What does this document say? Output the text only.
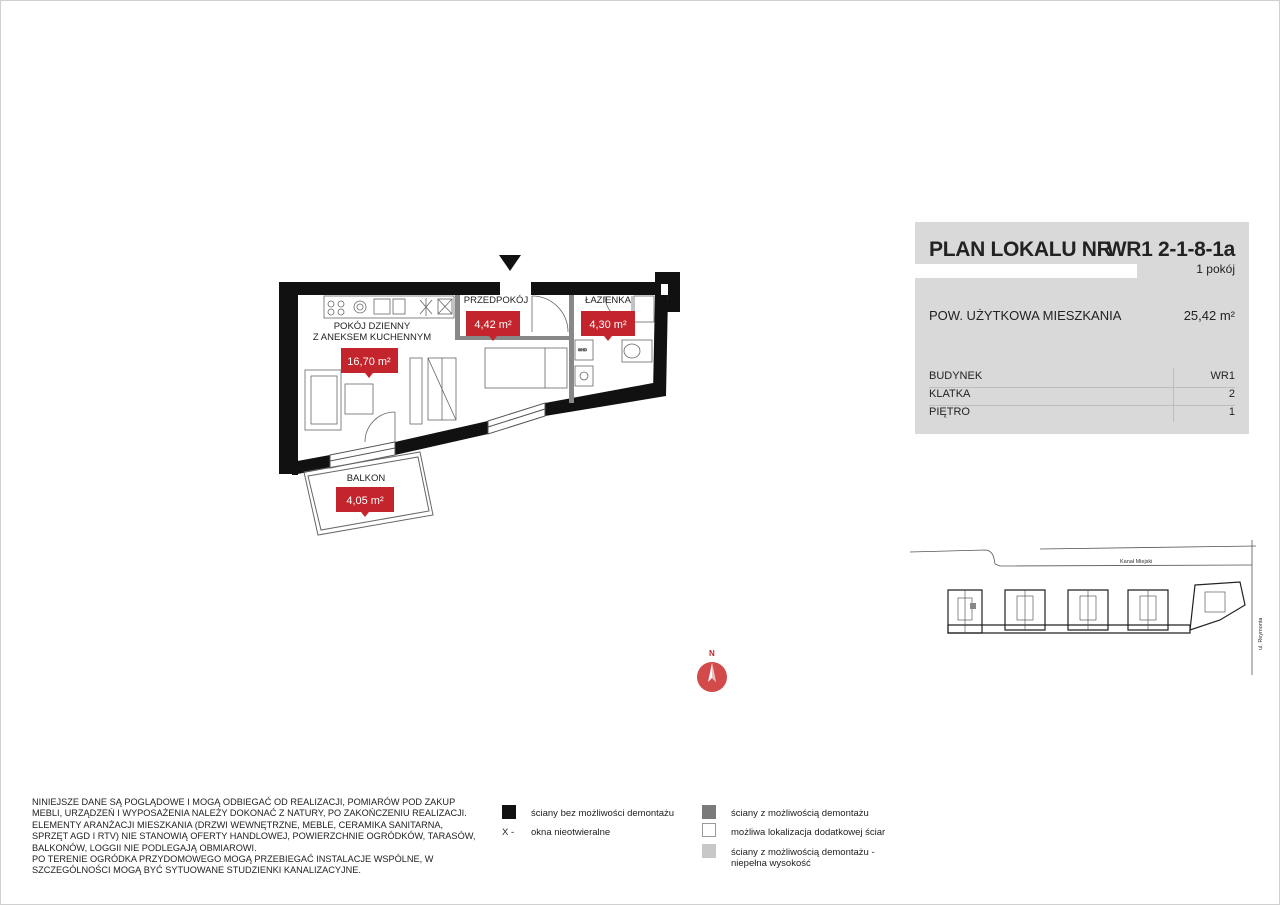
GHD
POKÓJ DZIENNY
Z ANEKSEM KUCHENNYM
PRZEDPOKÓJ	ŁAZIENKA
BALKON
16,70 m²
4,42 m²	4,30 m²
4,05 m²
N
PLAN LOKALU NR
WR1 2-1-8-1a
1 pokój
POW. UŻYTKOWA MIESZKANIA	25,42 m²
BUDYNEK	WR1
KLATKA	2
PIĘTRO	1
Kanał Miejski
ul. Reymonta
NINIEJSZE DANE SĄ POGLĄDOWE I MOGĄ ODBIEGAĆ OD REALIZACJI, POMIARÓW POD ZAKUP
MEBLI, URZĄDZEŃ I WYPOSAŻENIA NALEŻY DOKONAĆ Z NATURY, PO ZAKOŃCZENIU REALIZACJI.
ELEMENTY ARANŻACJI MIESZKANIA (DRZWI WEWNĘTRZNE, MEBLE, CERAMIKA SANITARNA,
SPRZĘT AGD I RTV) NIE STANOWIĄ OFERTY HANDLOWEJ, POWIERZCHNIE OGRÓDKÓW, TARASÓW,
BALKONÓW, LOGGII NIE PODLEGAJĄ OBMIAROWI.
PO TERENIE OGRÓDKA PRZYDOMOWEGO MOGĄ PRZEBIEGAĆ INSTALACJE WSPÓLNE, W
SZCZEGÓLNOŚCI MOGĄ BYĆ SYTUOWANE STUDZIENKI KANALIZACYJNE.
ściany bez możliwości demontażu
X - okna nieotwieralne
ściany z możliwością demontażu
możliwa lokalizacja dodatkowej ściar
ściany z możliwością demontażu -
niepełna wysokość
